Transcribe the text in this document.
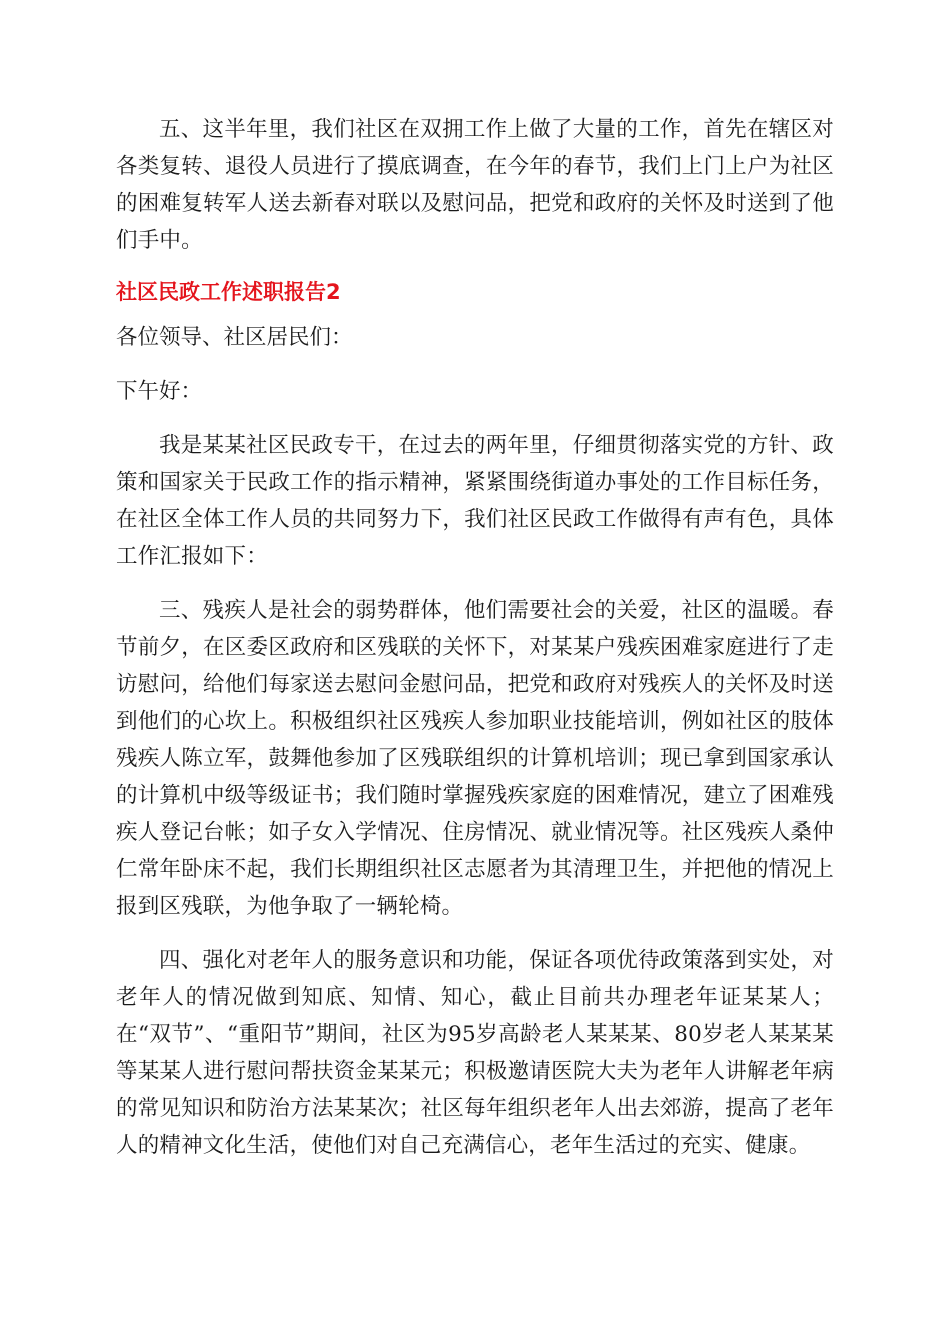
五、这半年里，我们社区在双拥工作上做了大量的工作，首先在辖区对各类复转、退役人员进行了摸底调查，在今年的春节，我们上门上户为社区的困难复转军人送去新春对联以及慰问品，把党和政府的关怀及时送到了他们手中。

社区民政工作述职报告2

各位领导、社区居民们：

下午好：

我是某某社区民政专干，在过去的两年里，仔细贯彻落实党的方针、政策和国家关于民政工作的指示精神，紧紧围绕街道办事处的工作目标任务，在社区全体工作人员的共同努力下，我们社区民政工作做得有声有色，具体工作汇报如下：

三、残疾人是社会的弱势群体，他们需要社会的关爱，社区的温暖。春节前夕，在区委区政府和区残联的关怀下，对某某户残疾困难家庭进行了走访慰问，给他们每家送去慰问金慰问品，把党和政府对残疾人的关怀及时送到他们的心坎上。积极组织社区残疾人参加职业技能培训，例如社区的肢体残疾人陈立军，鼓舞他参加了区残联组织的计算机培训；现已拿到国家承认的计算机中级等级证书；我们随时掌握残疾家庭的困难情况，建立了困难残疾人登记台帐；如子女入学情况、住房情况、就业情况等。社区残疾人桑仲仁常年卧床不起，我们长期组织社区志愿者为其清理卫生，并把他的情况上报到区残联，为他争取了一辆轮椅。

四、强化对老年人的服务意识和功能，保证各项优待政策落到实处，对老年人的情况做到知底、知情、知心，截止目前共办理老年证某某人；在“双节”、“重阳节”期间，社区为95岁高龄老人某某某、80岁老人某某某等某某人进行慰问帮扶资金某某元；积极邀请医院大夫为老年人讲解老年病的常见知识和防治方法某某次；社区每年组织老年人出去郊游，提高了老年人的精神文化生活，使他们对自己充满信心，老年生活过的充实、健康。
